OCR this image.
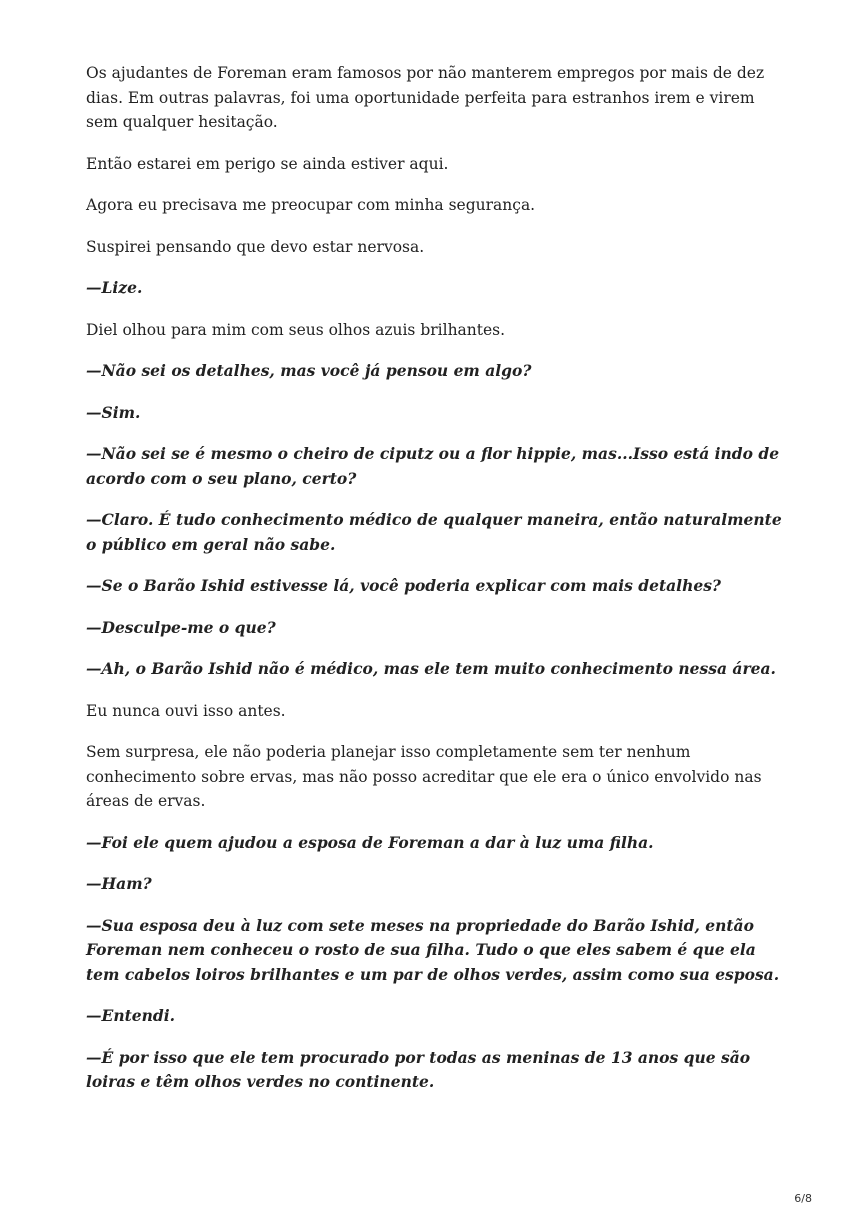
Os ajudantes de Foreman eram famosos por não manterem empregos por mais de dez dias. Em outras palavras, foi uma oportunidade perfeita para estranhos irem e virem sem qualquer hesitação.

Então estarei em perigo se ainda estiver aqui.

Agora eu precisava me preocupar com minha segurança.

Suspirei pensando que devo estar nervosa.

—Lize.

Diel olhou para mim com seus olhos azuis brilhantes.

—Não sei os detalhes, mas você já pensou em algo?

—Sim.

—Não sei se é mesmo o cheiro de ciputz ou a flor hippie, mas...Isso está indo de acordo com o seu plano, certo?

—Claro. É tudo conhecimento médico de qualquer maneira, então naturalmente o público em geral não sabe.

—Se o Barão Ishid estivesse lá, você poderia explicar com mais detalhes?

—Desculpe-me o que?

—Ah, o Barão Ishid não é médico, mas ele tem muito conhecimento nessa área.

Eu nunca ouvi isso antes.

Sem surpresa, ele não poderia planejar isso completamente sem ter nenhum conhecimento sobre ervas, mas não posso acreditar que ele era o único envolvido nas áreas de ervas.

—Foi ele quem ajudou a esposa de Foreman a dar à luz uma filha.

—Ham?

—Sua esposa deu à luz com sete meses na propriedade do Barão Ishid, então Foreman nem conheceu o rosto de sua filha. Tudo o que eles sabem é que ela tem cabelos loiros brilhantes e um par de olhos verdes, assim como sua esposa.

—Entendi.

—É por isso que ele tem procurado por todas as meninas de 13 anos que são loiras e têm olhos verdes no continente.

6/8
